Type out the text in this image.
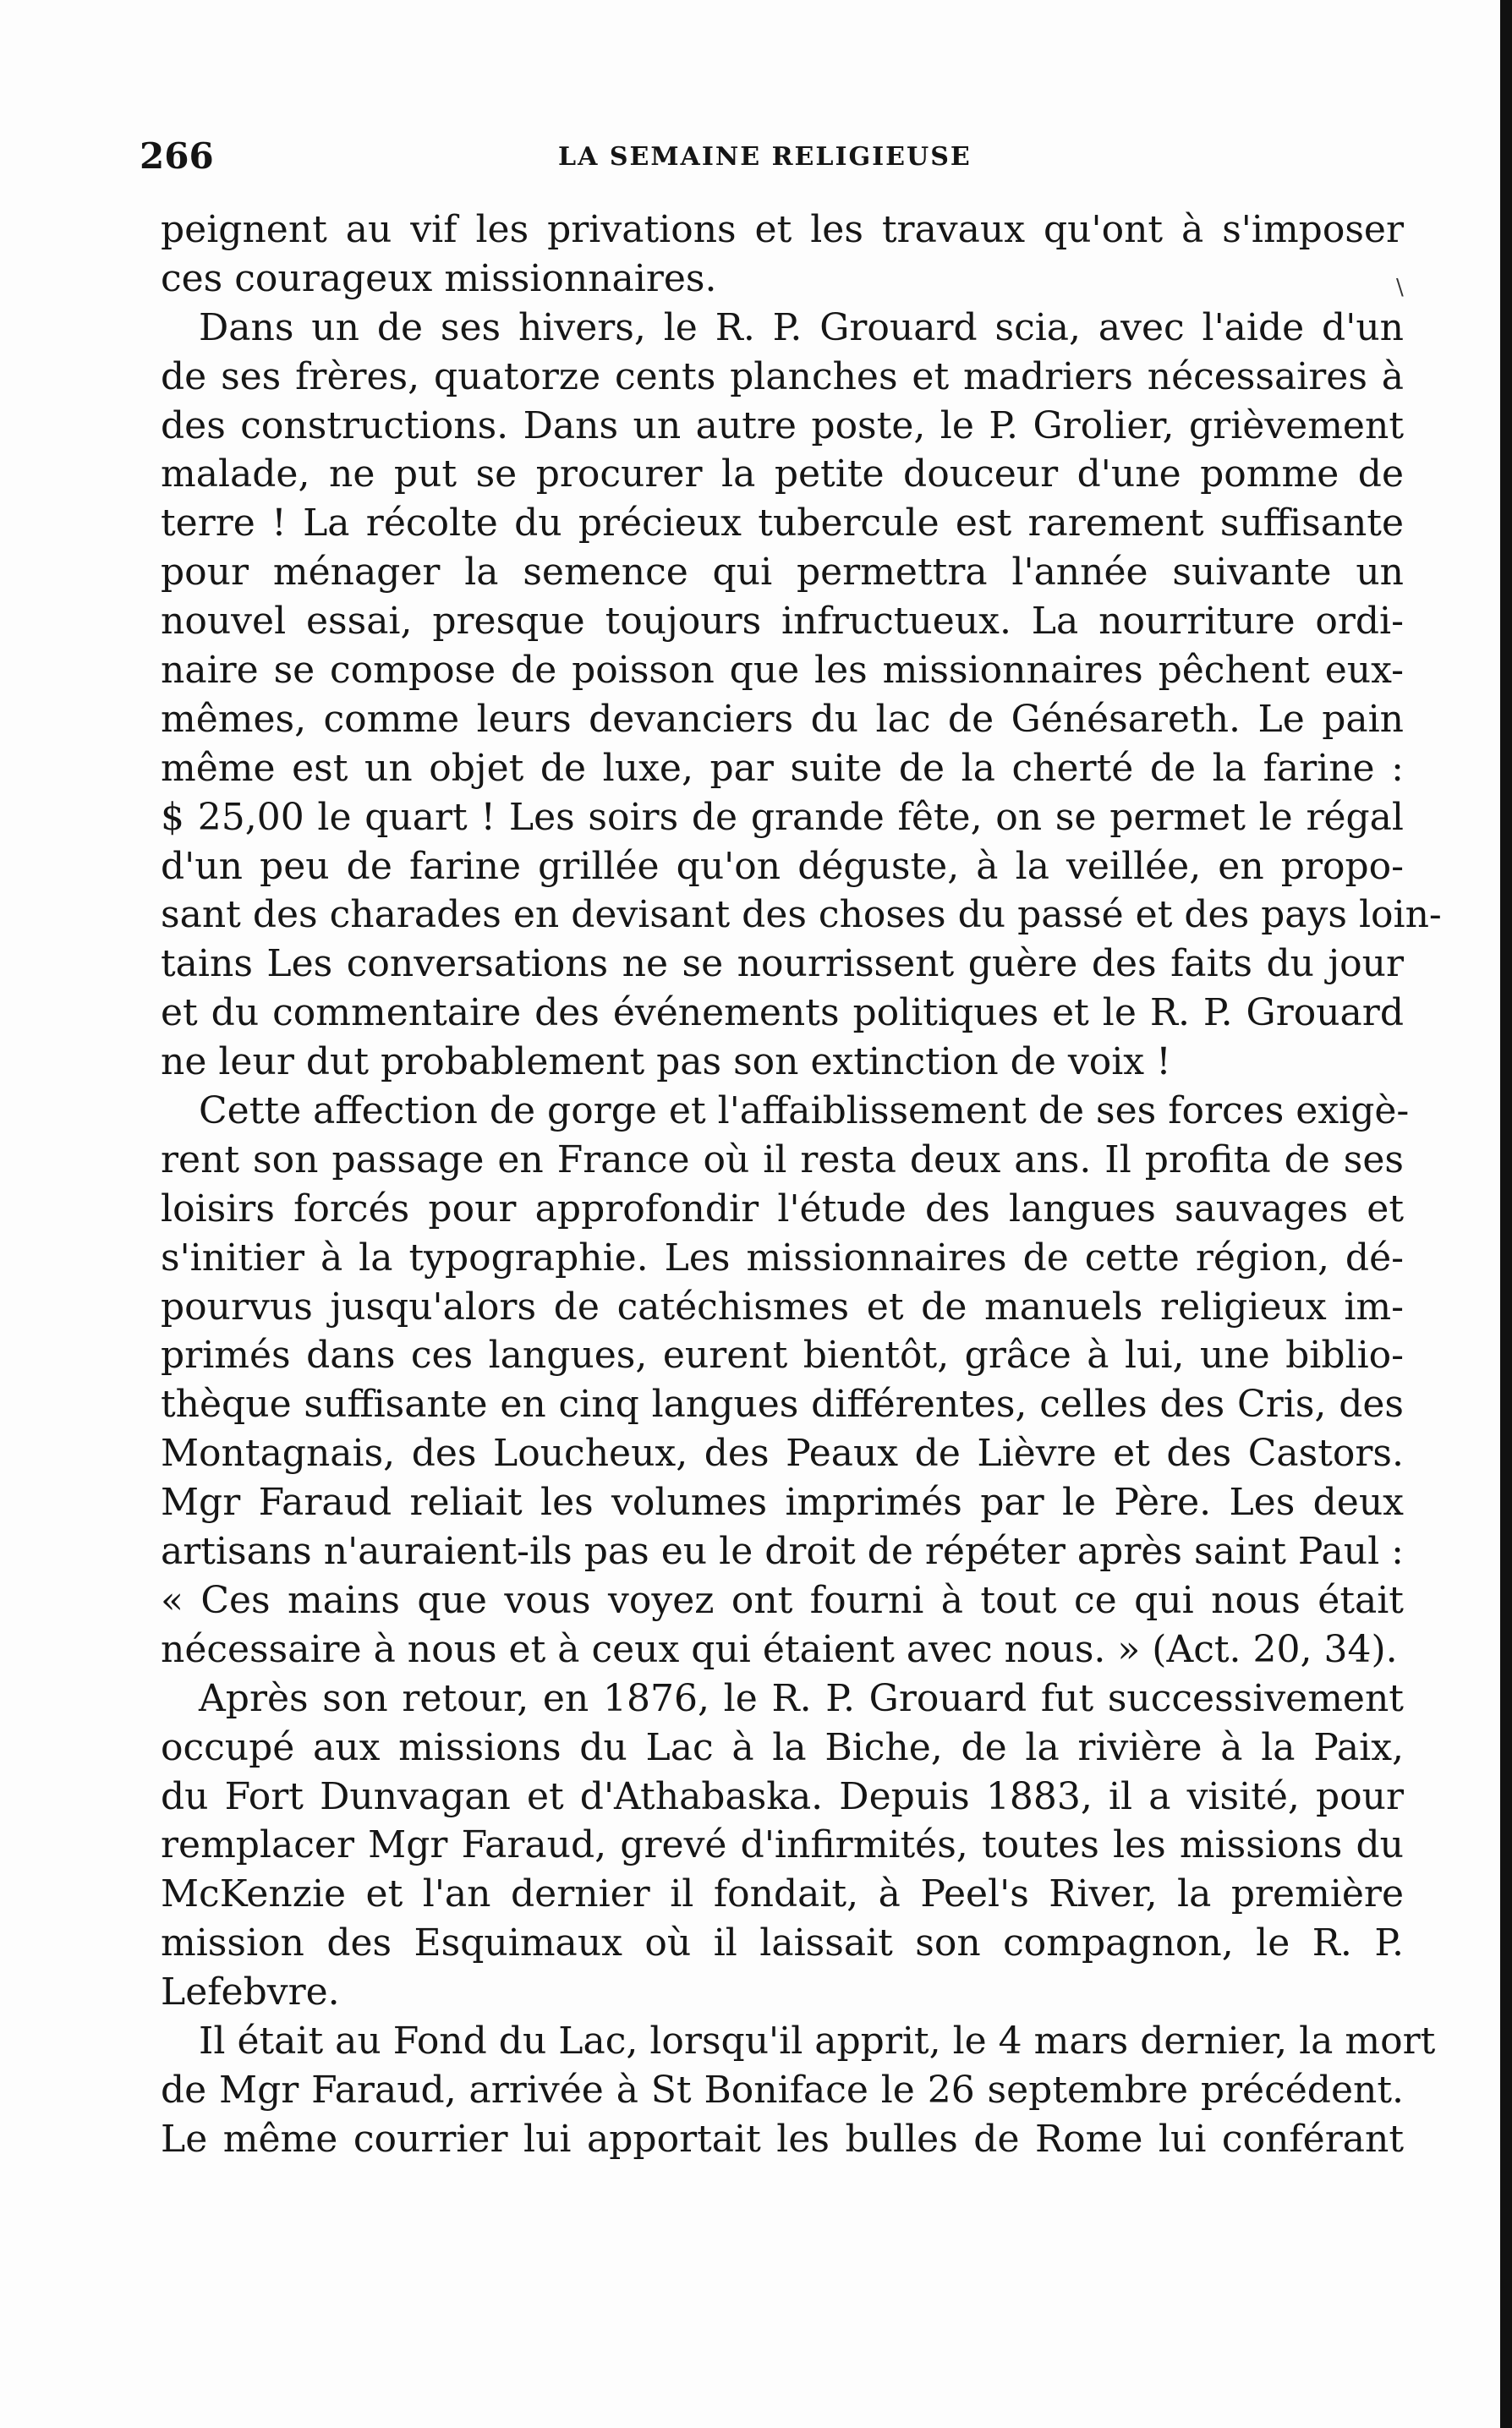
266	LA SEMAINE RELIGIEUSE
\
peignent au vif les privations et les travaux qu'ont à s'imposer
ces courageux missionnaires.
Dans un de ses hivers, le R. P. Grouard scia, avec l'aide d'un
de ses frères, quatorze cents planches et madriers nécessaires à
des constructions. Dans un autre poste, le P. Grolier, grièvement
malade, ne put se procurer la petite douceur d'une pomme de
terre ! La récolte du précieux tubercule est rarement suffisante
pour ménager la semence qui permettra l'année suivante un
nouvel essai, presque toujours infructueux. La nourriture ordi-
naire se compose de poisson que les missionnaires pêchent eux-
mêmes, comme leurs devanciers du lac de Génésareth. Le pain
même est un objet de luxe, par suite de la cherté de la farine :
$ 25,00 le quart ! Les soirs de grande fête, on se permet le régal
d'un peu de farine grillée qu'on déguste, à la veillée, en propo-
sant des charades en devisant des choses du passé et des pays loin-
tains Les conversations ne se nourrissent guère des faits du jour
et du commentaire des événements politiques et le R. P. Grouard
ne leur dut probablement pas son extinction de voix !
Cette affection de gorge et l'affaiblissement de ses forces exigè-
rent son passage en France où il resta deux ans. Il profita de ses
loisirs forcés pour approfondir l'étude des langues sauvages et
s'initier à la typographie. Les missionnaires de cette région, dé-
pourvus jusqu'alors de catéchismes et de manuels religieux im-
primés dans ces langues, eurent bientôt, grâce à lui, une biblio-
thèque suffisante en cinq langues différentes, celles des Cris, des
Montagnais, des Loucheux, des Peaux de Lièvre et des Castors.
Mgr Faraud reliait les volumes imprimés par le Père. Les deux
artisans n'auraient-ils pas eu le droit de répéter après saint Paul :
« Ces mains que vous voyez ont fourni à tout ce qui nous était
nécessaire à nous et à ceux qui étaient avec nous. » (Act. 20, 34).
Après son retour, en 1876, le R. P. Grouard fut successivement
occupé aux missions du Lac à la Biche, de la rivière à la Paix,
du Fort Dunvagan et d'Athabaska. Depuis 1883, il a visité, pour
remplacer Mgr Faraud, grevé d'infirmités, toutes les missions du
McKenzie et l'an dernier il fondait, à Peel's River, la première
mission des Esquimaux où il laissait son compagnon, le R. P.
Lefebvre.
Il était au Fond du Lac, lorsqu'il apprit, le 4 mars dernier, la mort
de Mgr Faraud, arrivée à St Boniface le 26 septembre précédent.
Le même courrier lui apportait les bulles de Rome lui conférant
